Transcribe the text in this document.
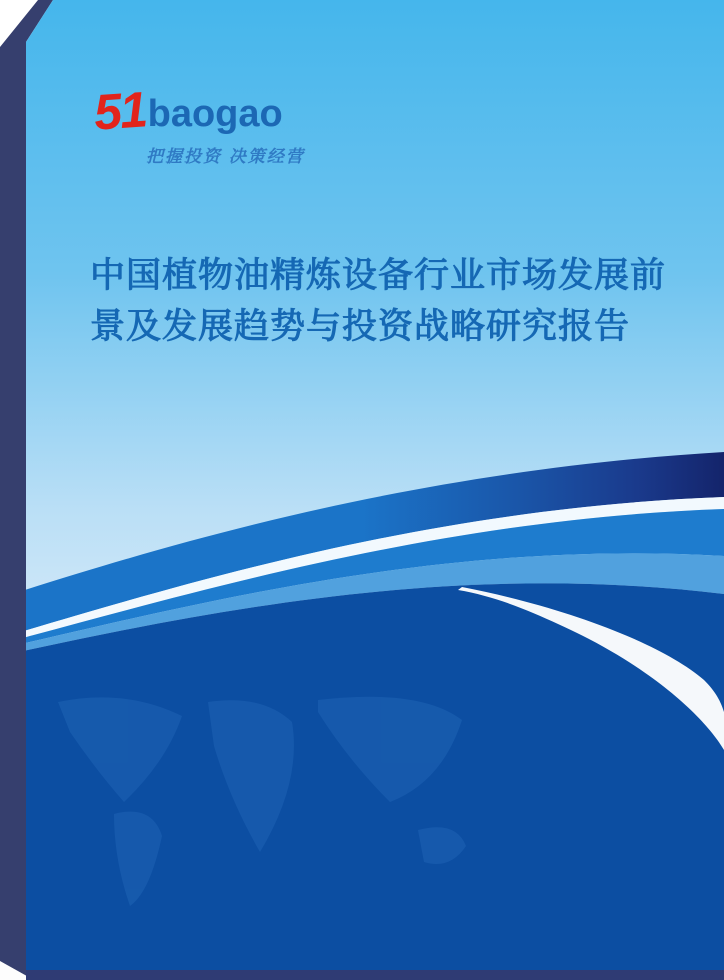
51 baogao
把握投资 决策经营
中国植物油精炼设备行业市场发展前
景及发展趋势与投资战略研究报告
